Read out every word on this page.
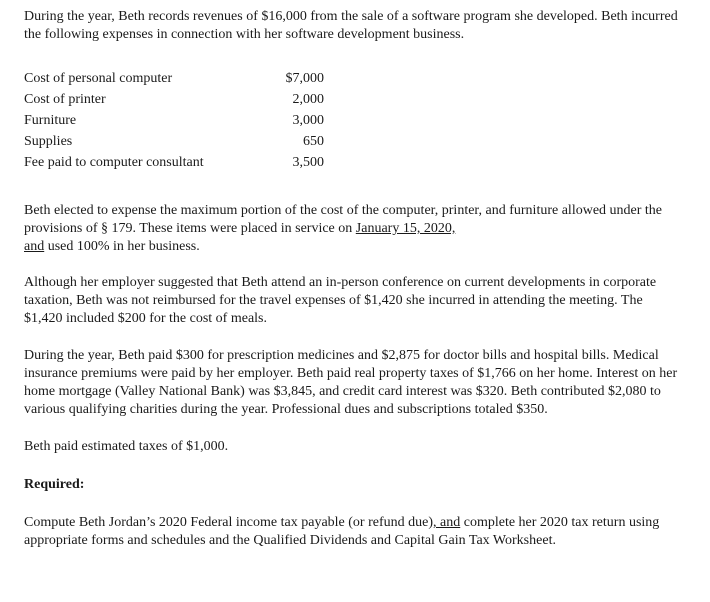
During the year, Beth records revenues of $16,000 from the sale of a software program she developed. Beth incurred the following expenses in connection with her software development business.

Cost of personal computer	$7,000
Cost of printer	2,000
Furniture	3,000
Supplies	650
Fee paid to computer consultant	3,500

Beth elected to expense the maximum portion of the cost of the computer, printer, and furniture allowed under the provisions of § 179. These items were placed in service on January 15, 2020,
and used 100% in her business.

Although her employer suggested that Beth attend an in-person conference on current developments in corporate taxation, Beth was not reimbursed for the travel expenses of $1,420 she incurred in attending the meeting. The $1,420 included $200 for the cost of meals.

During the year, Beth paid $300 for prescription medicines and $2,875 for doctor bills and hospital bills. Medical insurance premiums were paid by her employer. Beth paid real property taxes of $1,766 on her home. Interest on her home mortgage (Valley National Bank) was $3,845, and credit card interest was $320. Beth contributed $2,080 to various qualifying charities during the year. Professional dues and subscriptions totaled $350.

Beth paid estimated taxes of $1,000.

Required:

Compute Beth Jordan’s 2020 Federal income tax payable (or refund due), and complete her 2020 tax return using appropriate forms and schedules and the Qualified Dividends and Capital Gain Tax Worksheet.
